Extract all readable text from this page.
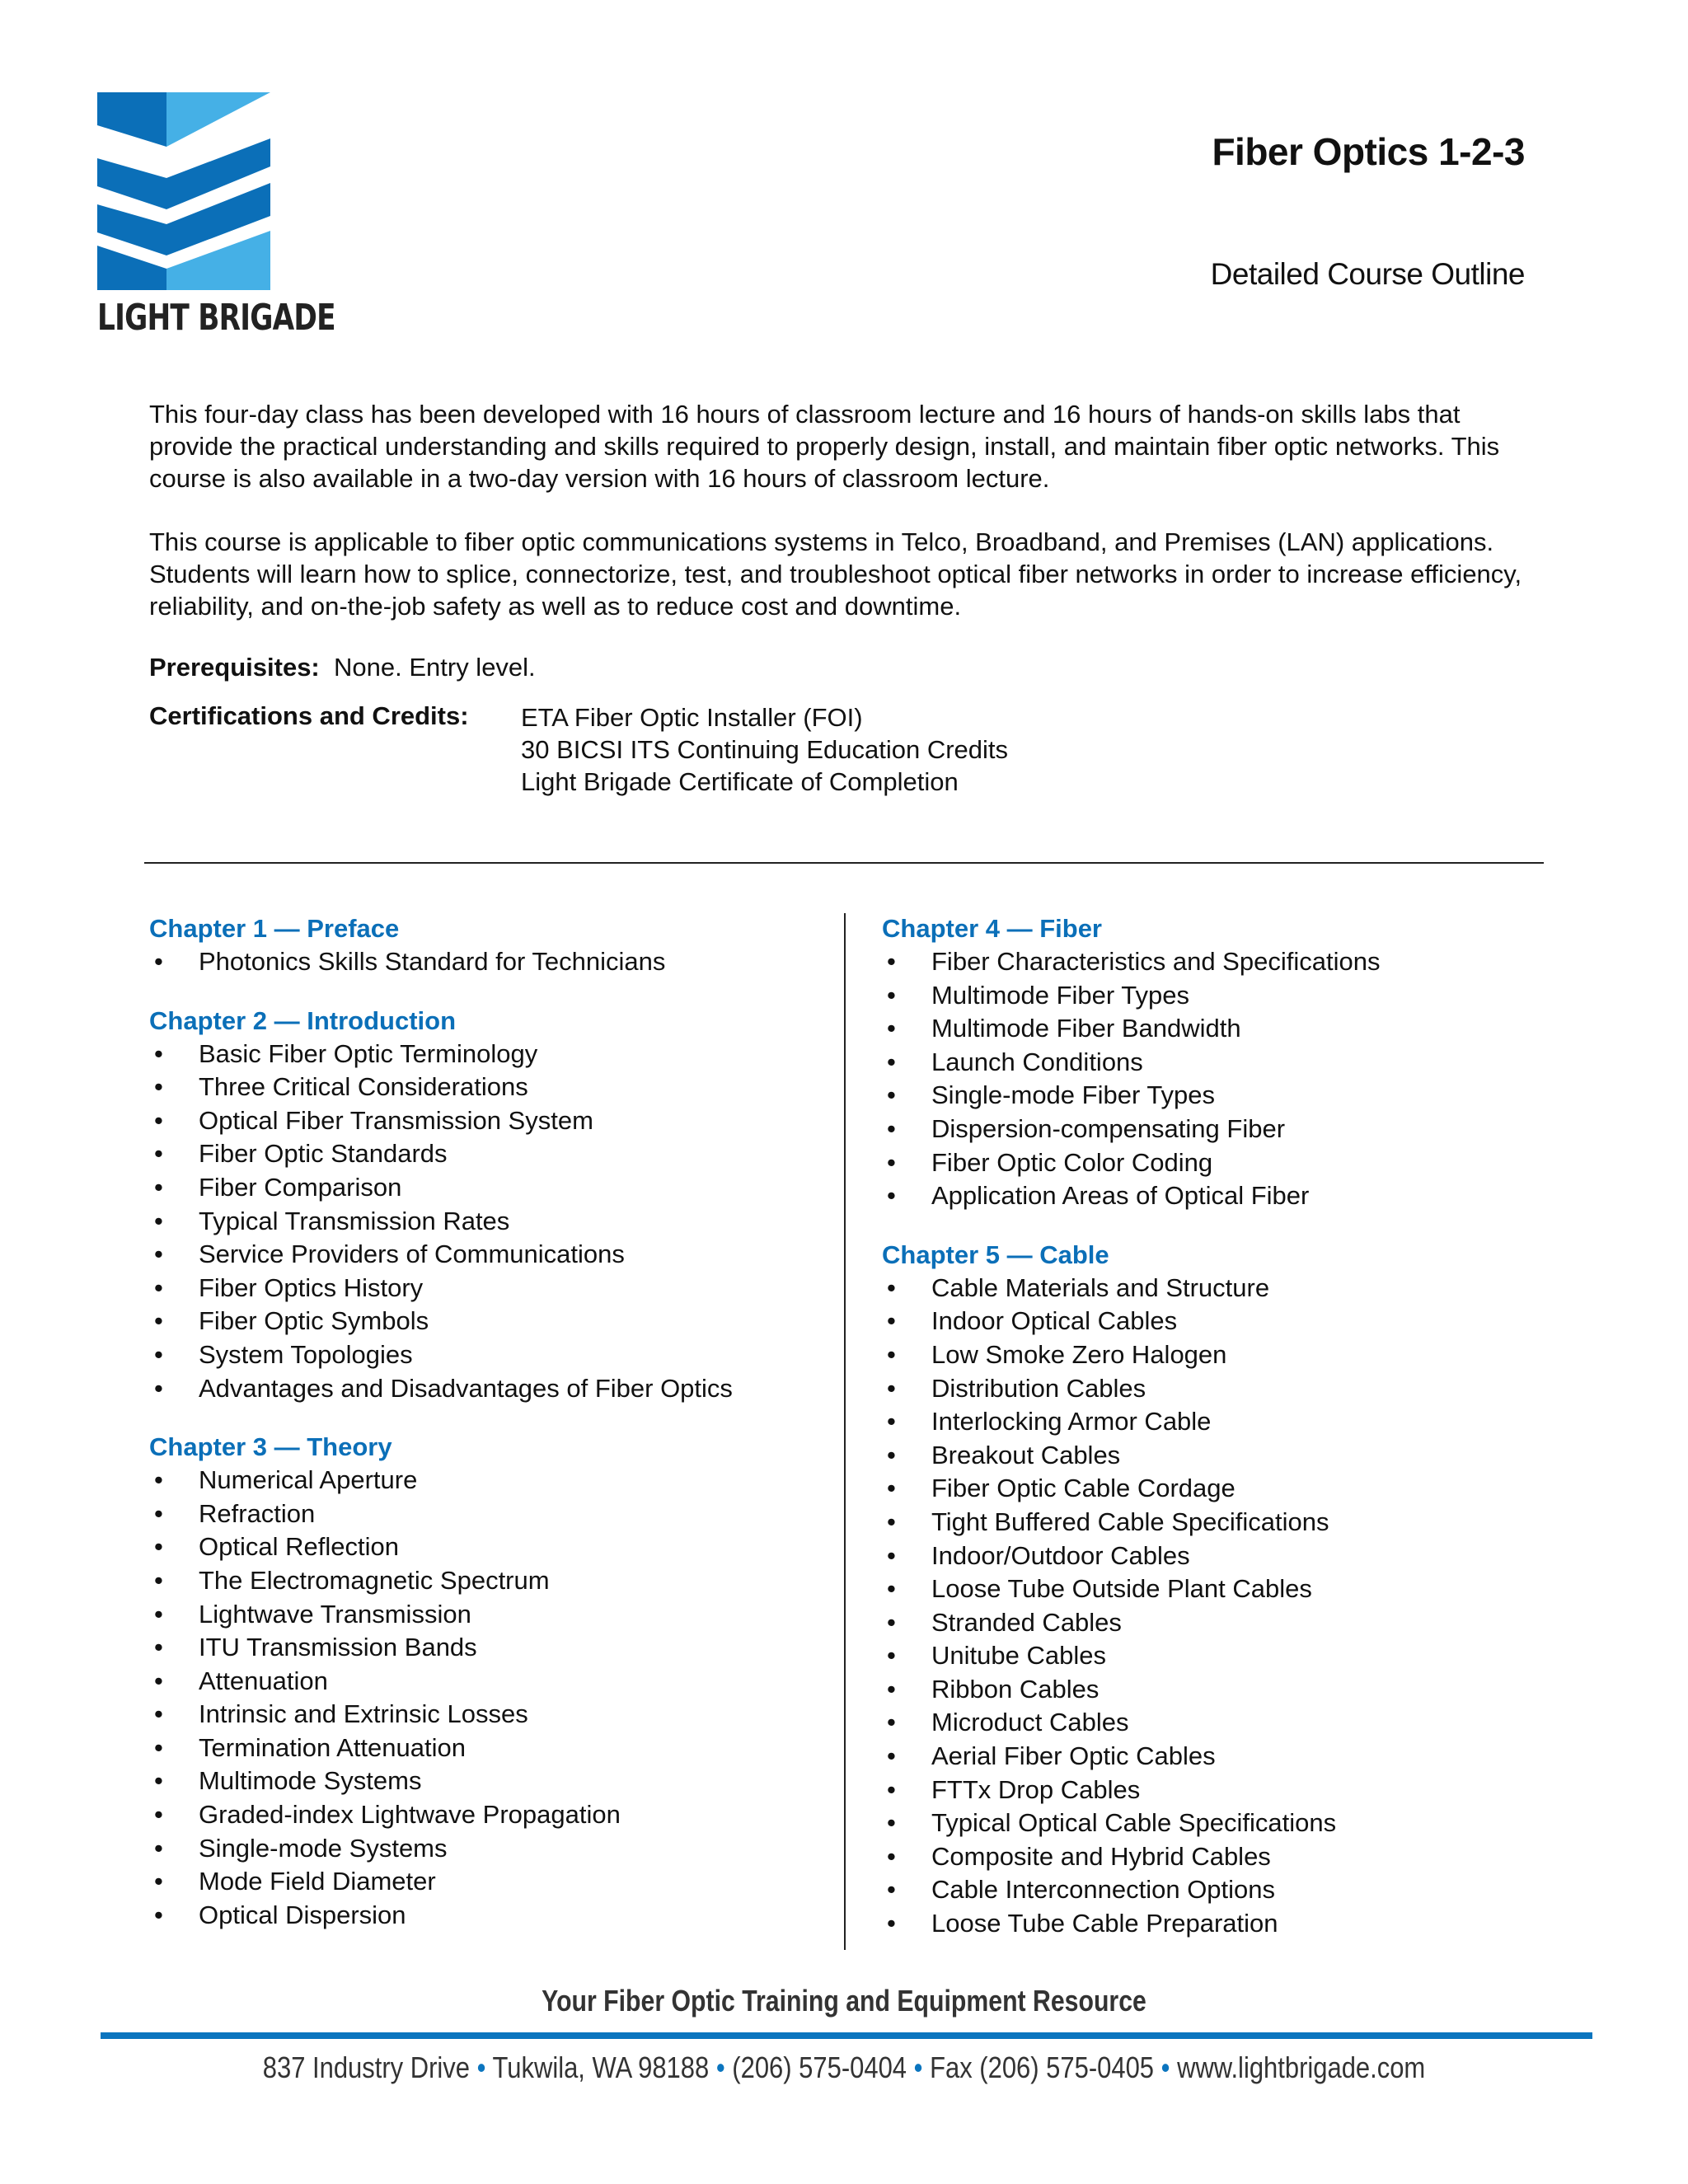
LIGHT BRIGADE
Fiber Optics 1-2-3
Detailed Course Outline

This four-day class has been developed with 16 hours of classroom lecture and 16 hours of hands-on skills labs that provide the practical understanding and skills required to properly design, install, and maintain fiber optic networks. This course is also available in a two-day version with 16 hours of classroom lecture.

This course is applicable to fiber optic communications systems in Telco, Broadband, and Premises (LAN) applications. Students will learn how to splice, connectorize, test, and troubleshoot optical fiber networks in order to increase efficiency, reliability, and on-the-job safety as well as to reduce cost and downtime.

Prerequisites: None. Entry level.
Certifications and Credits: ETA Fiber Optic Installer (FOI)
30 BICSI ITS Continuing Education Credits
Light Brigade Certificate of Completion
Chapter 1 — Preface
• Photonics Skills Standard for Technicians
Chapter 2 — Introduction
• Basic Fiber Optic Terminology
• Three Critical Considerations
• Optical Fiber Transmission System
• Fiber Optic Standards
• Fiber Comparison
• Typical Transmission Rates
• Service Providers of Communications
• Fiber Optics History
• Fiber Optic Symbols
• System Topologies
• Advantages and Disadvantages of Fiber Optics
Chapter 3 — Theory
• Numerical Aperture
• Refraction
• Optical Reflection
• The Electromagnetic Spectrum
• Lightwave Transmission
• ITU Transmission Bands
• Attenuation
• Intrinsic and Extrinsic Losses
• Termination Attenuation
• Multimode Systems
• Graded-index Lightwave Propagation
• Single-mode Systems
• Mode Field Diameter
• Optical Dispersion
Chapter 4 — Fiber
• Fiber Characteristics and Specifications
• Multimode Fiber Types
• Multimode Fiber Bandwidth
• Launch Conditions
• Single-mode Fiber Types
• Dispersion-compensating Fiber
• Fiber Optic Color Coding
• Application Areas of Optical Fiber
Chapter 5 — Cable
• Cable Materials and Structure
• Indoor Optical Cables
• Low Smoke Zero Halogen
• Distribution Cables
• Interlocking Armor Cable
• Breakout Cables
• Fiber Optic Cable Cordage
• Tight Buffered Cable Specifications
• Indoor/Outdoor Cables
• Loose Tube Outside Plant Cables
• Stranded Cables
• Unitube Cables
• Ribbon Cables
• Microduct Cables
• Aerial Fiber Optic Cables
• FTTx Drop Cables
• Typical Optical Cable Specifications
• Composite and Hybrid Cables
• Cable Interconnection Options
• Loose Tube Cable Preparation
Your Fiber Optic Training and Equipment Resource
837 Industry Drive • Tukwila, WA 98188 • (206) 575-0404 • Fax (206) 575-0405 • www.lightbrigade.com
